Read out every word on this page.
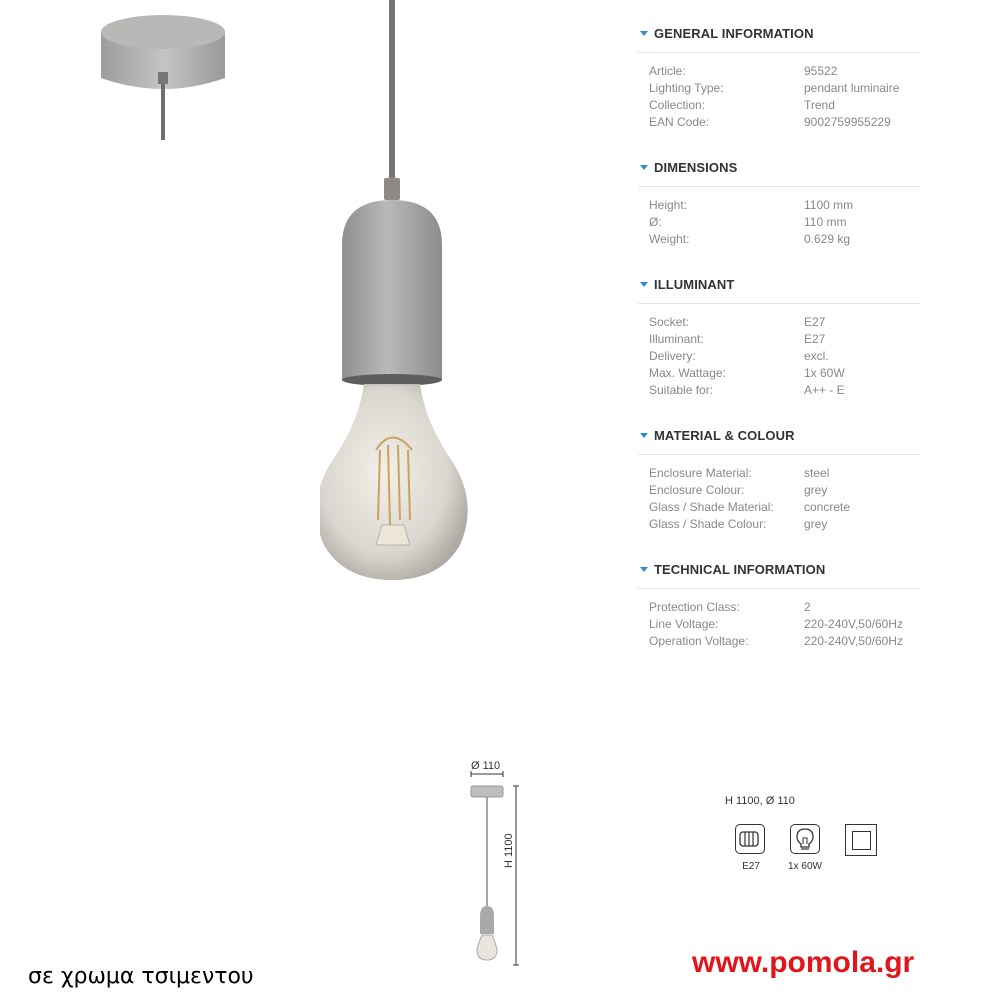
GENERAL INFORMATION
Article:	95522
Lighting Type:	pendant luminaire
Collection:	Trend
EAN Code:	9002759955229
DIMENSIONS
Height:	1100 mm
Ø:	110 mm
Weight:	0.629 kg
ILLUMINANT
Socket:	E27
Illuminant:	E27
Delivery:	excl.
Max. Wattage:	1x 60W
Suitable for:	A++ - E
MATERIAL & COLOUR
Enclosure Material:	steel
Enclosure Colour:	grey
Glass / Shade Material:	concrete
Glass / Shade Colour:	grey
TECHNICAL INFORMATION
Protection Class:	2
Line Voltage:	220-240V,50/60Hz
Operation Voltage:	220-240V,50/60Hz
Ø 110
H 1100
H 1100, Ø 110
E27	1x 60W
σε χρωμα τσιμεντου	www.pomola.gr
